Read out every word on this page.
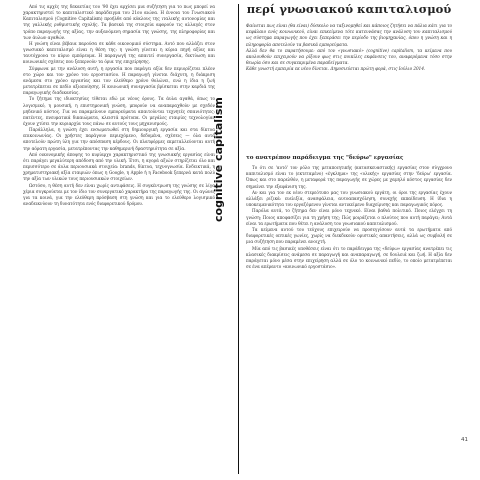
Από τις αρχές της δεκαετίας του '90 έχει αρχίσει μια συζήτηση για το πως μπορεί να χαρακτηριστεί το καπιταλιστικό παράδειγμα του 21ου αιώνα. Η έννοια του Γνωσιακού Καπιταλισμού (Cognitive Capitalism) προήλθε από κύκλους της ιταλικής αυτονομίας και της γαλλικής ρυθμιστικής σχολής. Τα βασικά της στοιχεία αφορούν τις αλλαγές στον τρόπο παραγωγής της αξίας, την αυξανόμενη σημασία της γνώσης, της πληροφορίας και των άυλων αγαθών.

Η γνώση είναι βέβαια παρούσα σε κάθε οικονομικό σύστημα. Αυτό που αλλάζει στον γνωσιακό καπιταλισμό είναι η θέση της: η γνώση γίνεται η κύρια πηγή αξίας και ταυτόχρονα το κύριο εμπόρευμα. Η παραγωγή της απαιτεί συνεργασία, δικτύωση και κοινωνικές σχέσεις που ξεπερνούν τα όρια της επιχείρησης.

Σύμφωνα με την ανάλυση αυτή, η εργασία που παράγει αξία δεν περιορίζεται πλέον στο χώρο και τον χρόνο του εργοστασίου. Η παραγωγή γίνεται διάχυτη, η διάκριση ανάμεσα στο χρόνο εργασίας και τον ελεύθερο χρόνο θολώνει, ενώ η ίδια η ζωή μετατρέπεται σε πεδίο αξιοποίησης. Η κοινωνική συνεργασία βρίσκεται στην καρδιά της παραγωγικής διαδικασίας.

Το ζήτημα της ιδιοκτησίας τίθεται εδώ με νέους όρους. Τα άυλα αγαθά, όπως το λογισμικό, η μουσική, η επιστημονική γνώση, μπορούν να αναπαραχθούν με σχεδόν μηδενικό κόστος. Για να παραμείνουν εμπορεύματα απαιτούνται τεχνητές σπανιότητες: πατέντες, πνευματικά δικαιώματα, κλειστά πρότυπα. Οι μεγάλες εταιρίες τεχνολογίας έχουν χτίσει την κυριαρχία τους πάνω σε αυτούς τους μηχανισμούς.

Παράλληλα, η γνώση έχει ενσωματωθεί στη δημιουργική εργασία και στα δίκτυα επικοινωνίας. Οι χρήστες παράγουν περιεχόμενο, δεδομένα, σχέσεις — όλα αυτά αποτελούν πρώτη ύλη για την απόσπαση κέρδους. Οι πλατφόρμες εκμεταλλεύονται αυτή την αόρατη εργασία, μετατρέποντας την καθημερινή δραστηριότητα σε αξία.

Από οικονομικής άποψης το κυρίαρχο χαρακτηριστικό της γνωσιακής εργασίας είναι ότι παράγει μεγαλύτερη απόδοση από την υλική. Έτσι, η αγορά αξιών στηρίζεται όλο και περισσότερο σε άυλα περιουσιακά στοιχεία: brands, δίκτυα, τεχνογνωσία. Ενδεικτικά, η χρηματιστηριακή αξία εταιριών όπως η Google, η Apple ή η Facebook ξεπερνά κατά πολύ την αξία των υλικών τους περιουσιακών στοιχείων.

Ωστόσο, η θέση αυτή δεν είναι χωρίς αντιφάσεις. Η συγκέντρωση της γνώσης σε λίγα χέρια συγκρούεται με τον ίδιο τον συνεργατικό χαρακτήρα της παραγωγής της. Οι αγώνες για τα κοινά, για την ελεύθερη πρόσβαση στη γνώση και για το ελεύθερο λογισμικό αναδεικνύουν τη δυνατότητα ενός διαφορετικού δρόμου.	cognitive capitalism
περί γνωσιακού καπιταλισμού

Φαίνεται πως είναι (θα είναι) δύσκολο να ταξινομηθεί και κάποιος ζητήσει να πάλια κάτι για το κεφάλαιο ενός κοινωνικού, είναι επικείμενα τότε κατευνάσας την ανάλυση του καπιταλισμού ως σύστημα παραγωγής που έχει ξεπεράσει την περίοδο της βιομηχανίας, όπου η γνώση και η πληροφορία αποτελούν τα βασικά εμπορεύματα.

Αλλά δεν θα το παρατήσουμε: από τον «γνωσιακό» (cognitive) capitalism, τα κείμενα που ακολουθούν επιχειρούν να ρίξουν φως στις ποικίλες εκφάνσεις του, αναφερόμενα τόσο στην θεωρία όσο και σε συγκεκριμένα παραδείγματα.

Κάθε γνωστή εμπειρία εκ νέου δίνεται. Δημοσιεύεται πρώτη φορά, στις Ιούλιο 2014.

το ανατρέπον παράδειγμα της "δεύρω" εργασίας

Το ότι σε 'αυτό' τον ρόλο της μεταποιητικής (κατασκευαστικής) εργασίας στον σύγχρονο καπιταλισμό είναι το (εκτεταμένο) «έγκλημα» της «υλικής» εργασίας στην 'δεύρω' εργασία. Όπως και στο παρελθόν, η μεταφορά της παραγωγής σε χώρες με χαμηλό κόστος εργασίας δεν σημαίνει την εξαφάνιση της.

Αν και για τον εκ νέου στερεότυπο μας του γνωσιακού εργάτη, οι όροι της εργασίας έχουν αλλάξει ριζικά: ευελιξία, ανασφάλεια, αυτοαπασχόληση, συνεχής εκπαίδευση. Η ίδια η υποκειμενικότητα του εργαζόμενου γίνεται αντικείμενο διαχείρισης και παραγωγικός πόρος.

Παρόλα αυτά, το ζήτημα δεν είναι μόνο τεχνικό. Είναι βαθιά πολιτικό. Ποιος ελέγχει τη γνώση; Ποιος αποφασίζει για τη χρήση της; Πώς μοιράζεται ο πλούτος που αυτή παράγει; Αυτά είναι τα ερωτήματα που θέτει η ανάλυση του γνωσιακού καπιταλισμού.

Τα κείμενα αυτού του τεύχους επιχειρούν να προσεγγίσουν αυτά τα ερωτήματα από διαφορετικές οπτικές γωνίες, χωρίς να διεκδικούν οριστικές απαντήσεις, αλλά ως συμβολή σε μια συζήτηση που παραμένει ανοιχτή.

Μία από τις βασικές υποθέσεις είναι ότι το παράδειγμα της «δεύρω» εργασίας ανατρέπει τις κλασικές διακρίσεις ανάμεσα σε παραγωγή και αναπαραγωγή, σε δουλειά και ζωή. Η αξία δεν παράγεται μόνο μέσα στην επιχείρηση αλλά σε όλο το κοινωνικό πεδίο, το οποίο μετατρέπεται σε ένα απέραντο «κοινωνικό εργοστάσιο».

41
